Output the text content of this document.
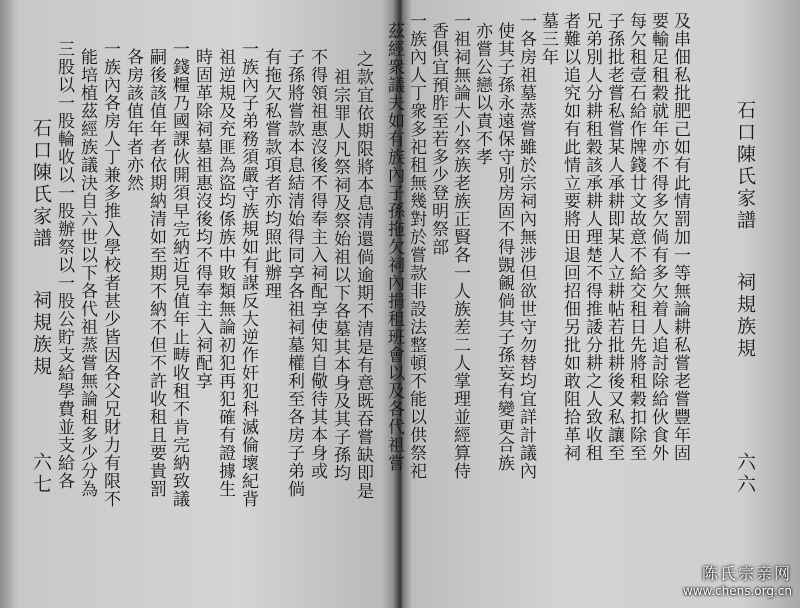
石口陳氏家譜
祠規族規
六七	之款宜依期限將本息清還倘逾期不清是有意既吞嘗缺即是
祖宗罪人凡祭祠及祭始祖以下各墓其本身及其子孫均
不得領祖惠沒後不得奉主入祠配享使知自儆待其本身或
子孫將嘗款本息結清始得同享各祖祠墓權利至各房子弟倘
有拖欠私嘗款項者亦均照此辦理
一族內子弟務須嚴守族規如有謀反大逆作奸犯科滅倫壞紀背
祖逆規及充匪為盜均係族中敗類無論初犯再犯確有證據生
時固革除祠墓祖惠沒後均不得奉主入祠配享
一錢糧乃國課伙開須早完納近見值年止畴收租不肯完納致議
嗣後該值年者依期納清如至期不納不但不許收租且要貴罰
各房該值年者亦然
一族內各房人丁兼多推入學校者甚少皆因各父兄財力有限不
能培植茲經族議決自六世以下各代祖蒸嘗無論租多少分為
三股以一股輪收以一股辦祭以一股公貯支給學費並支給各	及串佃私批肥己如有此情罰加一等無論耕私嘗老嘗豐年固
要輸足租穀就年亦不得多欠倘有多欠着人追討除給伙食外
每欠租壹石給作牌錢廿文故意不給交租日先將租穀扣除至
子孫批老嘗私嘗某人承耕即某人立耕帖若批耕後又私讓至
兄弟別人分耕租穀該承耕人理楚不得推諉分耕之人致收租
者難以追究如有此情立要將田退回招佃另批如敢阻拾革祠
墓三年
一各房祖墓蒸嘗雖於宗祠內無涉但欲世守勿替均宜詳計議內
使其子孫永遠保守別房固不得覬覦倘其子孫妄有變更合族
亦嘗公戀以責不孝
一祖祠無論大小祭族老族正賢各一人族差二人掌理並經算侍
香俱宜預胙至若多少登明祭部
一族內人丁衆多祀租無幾對於嘗款非設法整頓不能以供祭祀
茲經衆議夫如有族內子孫拖欠祠內捐租班會以及各代祖嘗	石口陳氏家譜
祠規族規
六六
陈氏宗亲网
www.chens.org.cn
